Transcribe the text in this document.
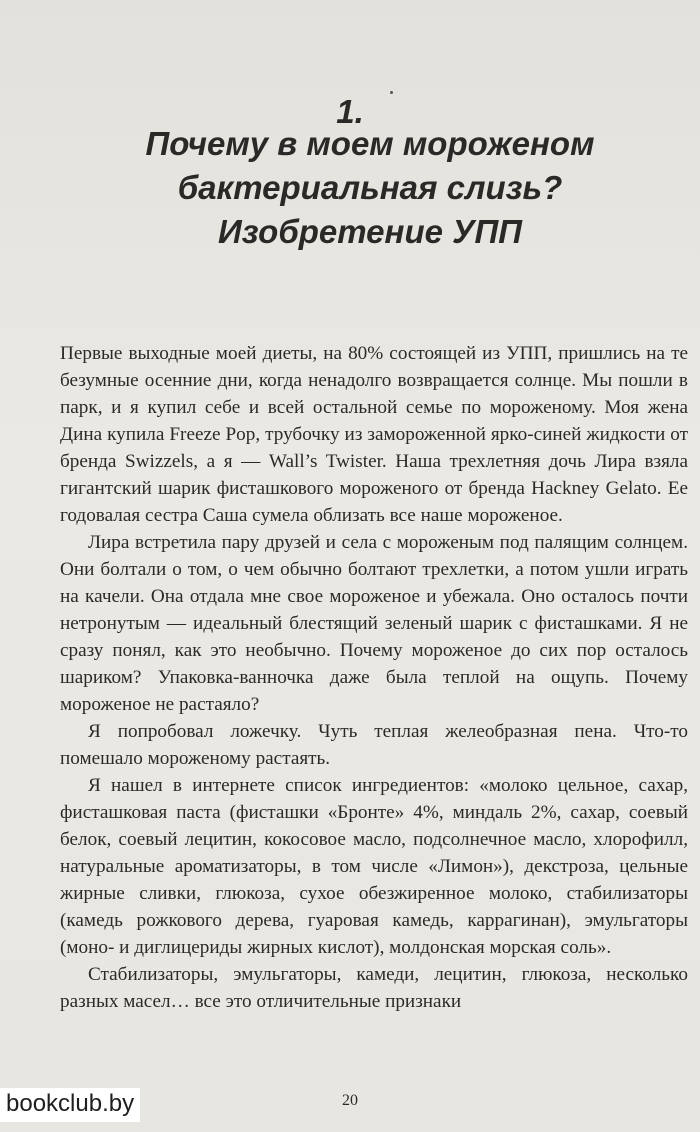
1.
Почему в моем мороженом
бактериальная слизь?
Изобретение УПП

Первые выходные моей диеты, на 80% состоящей из УПП, пришлись на те безумные осенние дни, когда ненадолго возвращается солнце. Мы пошли в парк, и я купил себе и всей остальной семье по мороженому. Моя жена Дина купила Freeze Pop, трубочку из замороженной ярко-синей жидкости от бренда Swizzels, а я — Wall’s Twister. Наша трехлетняя дочь Лира взяла гигантский шарик фисташкового мороженого от бренда Hackney Gelato. Ее годовалая сестра Саша сумела облизать все наше мороженое.

Лира встретила пару друзей и села с мороженым под палящим солнцем. Они болтали о том, о чем обычно болтают трехлетки, а потом ушли играть на качели. Она отдала мне свое мороженое и убежала. Оно осталось почти нетронутым — идеальный блестящий зеленый шарик с фисташками. Я не сразу понял, как это необычно. Почему мороженое до сих пор осталось шариком? Упаковка-ванночка даже была теплой на ощупь. Почему мороженое не растаяло?

Я попробовал ложечку. Чуть теплая желеобразная пена. Что-то помешало мороженому растаять.

Я нашел в интернете список ингредиентов: «молоко цельное, сахар, фисташковая паста (фисташки «Бронте» 4%, миндаль 2%, сахар, соевый белок, соевый лецитин, кокосовое масло, подсолнечное масло, хлорофилл, натуральные ароматизаторы, в том числе «Лимон»), декстроза, цельные жирные сливки, глюкоза, сухое обезжиренное молоко, стабилизаторы (камедь рожкового дерева, гуаровая камедь, каррагинан), эмульгаторы (моно- и диглицериды жирных кислот), молдонская морская соль».

Стабилизаторы, эмульгаторы, камеди, лецитин, глюкоза, несколько разных масел… все это отличительные признаки

20
bookclub.by
